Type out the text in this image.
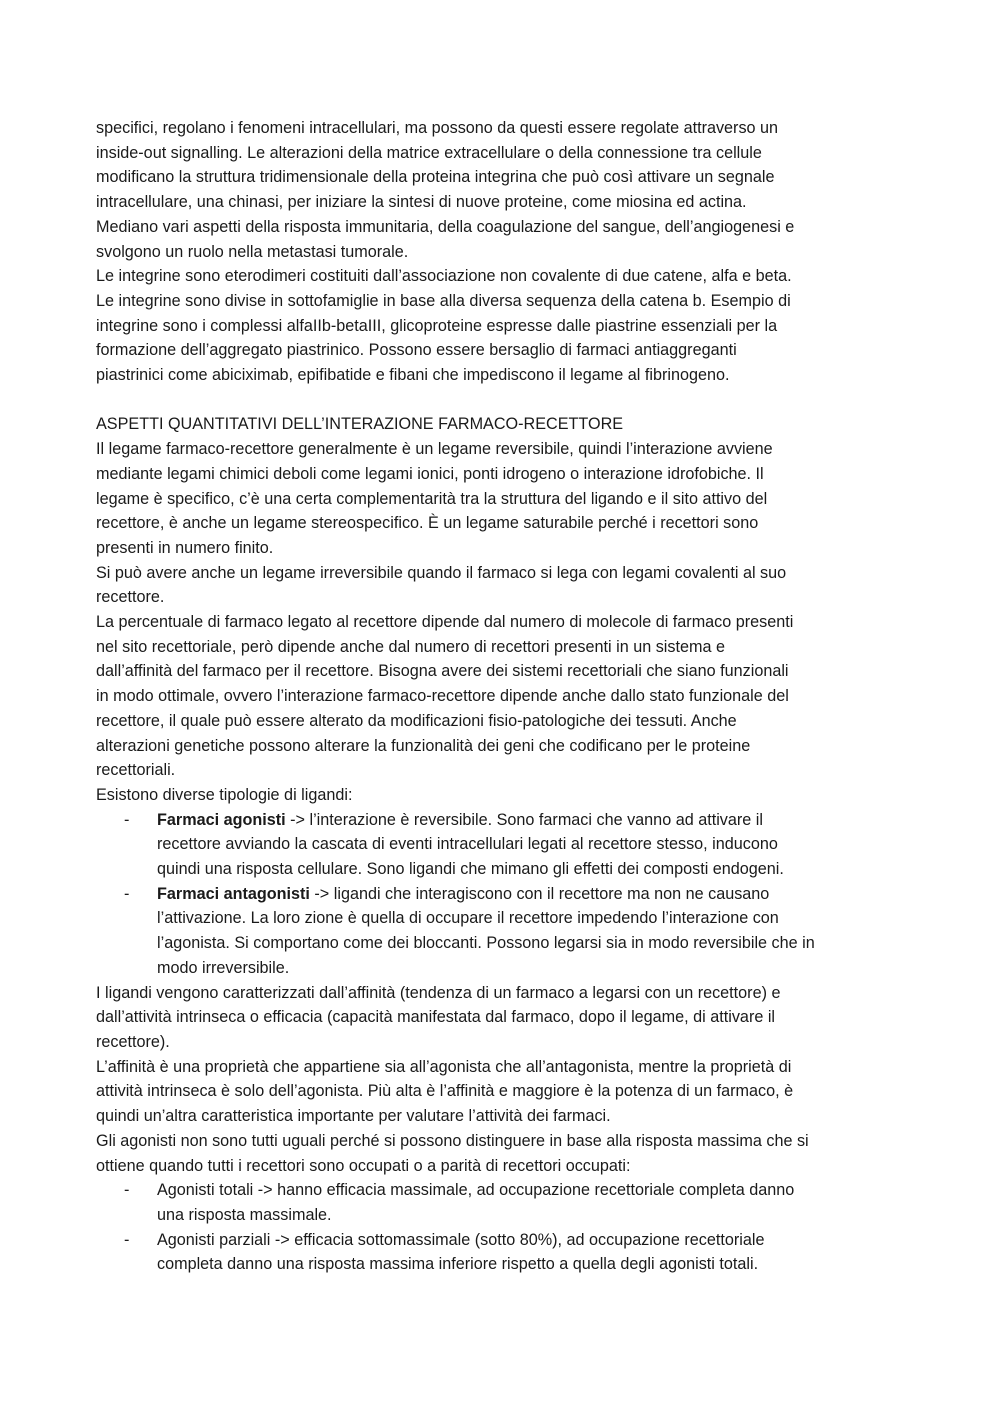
specifici, regolano i fenomeni intracellulari, ma possono da questi essere regolate attraverso un
inside-out signalling. Le alterazioni della matrice extracellulare o della connessione tra cellule
modificano la struttura tridimensionale della proteina integrina che può così attivare un segnale
intracellulare, una chinasi, per iniziare la sintesi di nuove proteine, come miosina ed actina.
Mediano vari aspetti della risposta immunitaria, della coagulazione del sangue, dell’angiogenesi e
svolgono un ruolo nella metastasi tumorale.
Le integrine sono eterodimeri costituiti dall’associazione non covalente di due catene, alfa e beta.
Le integrine sono divise in sottofamiglie in base alla diversa sequenza della catena b. Esempio di
integrine sono i complessi alfaIIb-betaIII, glicoproteine espresse dalle piastrine essenziali per la
formazione dell’aggregato piastrinico. Possono essere bersaglio di farmaci antiaggreganti
piastrinici come abiciximab, epifibatide e fibani che impediscono il legame al fibrinogeno.
ASPETTI QUANTITATIVI DELL’INTERAZIONE FARMACO-RECETTORE
Il legame farmaco-recettore generalmente è un legame reversibile, quindi l’interazione avviene
mediante legami chimici deboli come legami ionici, ponti idrogeno o interazione idrofobiche. Il
legame è specifico, c’è una certa complementarità tra la struttura del ligando e il sito attivo del
recettore, è anche un legame stereospecifico. È un legame saturabile perché i recettori sono
presenti in numero finito.
Si può avere anche un legame irreversibile quando il farmaco si lega con legami covalenti al suo
recettore.
La percentuale di farmaco legato al recettore dipende dal numero di molecole di farmaco presenti
nel sito recettoriale, però dipende anche dal numero di recettori presenti in un sistema e
dall’affinità del farmaco per il recettore. Bisogna avere dei sistemi recettoriali che siano funzionali
in modo ottimale, ovvero l’interazione farmaco-recettore dipende anche dallo stato funzionale del
recettore, il quale può essere alterato da modificazioni fisio-patologiche dei tessuti. Anche
alterazioni genetiche possono alterare la funzionalità dei geni che codificano per le proteine
recettoriali.
Esistono diverse tipologie di ligandi:
- Farmaci agonisti -> l’interazione è reversibile. Sono farmaci che vanno ad attivare il
recettore avviando la cascata di eventi intracellulari legati al recettore stesso, inducono
quindi una risposta cellulare. Sono ligandi che mimano gli effetti dei composti endogeni.
- Farmaci antagonisti -> ligandi che interagiscono con il recettore ma non ne causano
l’attivazione. La loro zione è quella di occupare il recettore impedendo l’interazione con
l’agonista. Si comportano come dei bloccanti. Possono legarsi sia in modo reversibile che in
modo irreversibile.
I ligandi vengono caratterizzati dall’affinità (tendenza di un farmaco a legarsi con un recettore) e
dall’attività intrinseca o efficacia (capacità manifestata dal farmaco, dopo il legame, di attivare il
recettore).
L’affinità è una proprietà che appartiene sia all’agonista che all’antagonista, mentre la proprietà di
attività intrinseca è solo dell’agonista. Più alta è l’affinità e maggiore è la potenza di un farmaco, è
quindi un’altra caratteristica importante per valutare l’attività dei farmaci.
Gli agonisti non sono tutti uguali perché si possono distinguere in base alla risposta massima che si
ottiene quando tutti i recettori sono occupati o a parità di recettori occupati:
- Agonisti totali -> hanno efficacia massimale, ad occupazione recettoriale completa danno
una risposta massimale.
- Agonisti parziali -> efficacia sottomassimale (sotto 80%), ad occupazione recettoriale
completa danno una risposta massima inferiore rispetto a quella degli agonisti totali.
